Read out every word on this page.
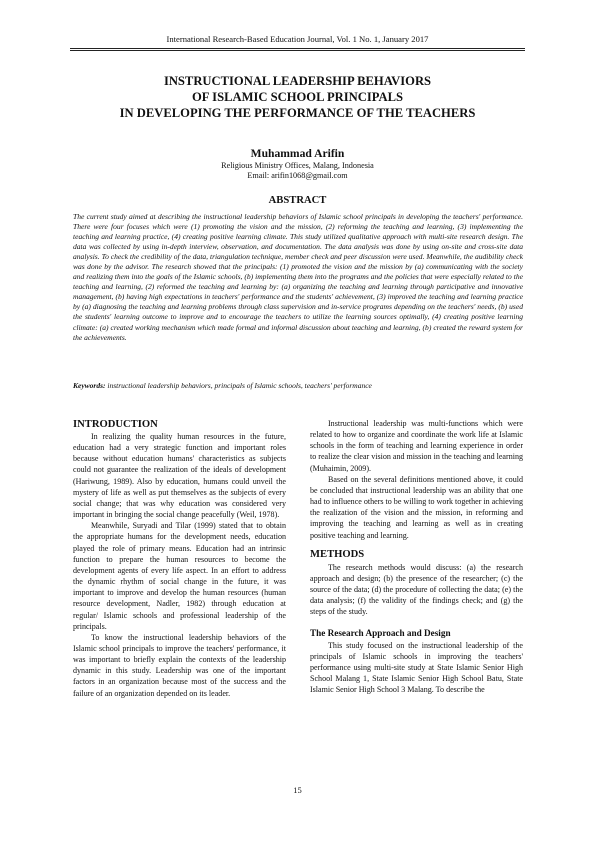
International Research-Based Education Journal, Vol. 1 No. 1, January 2017
INSTRUCTIONAL LEADERSHIP BEHAVIORS
OF ISLAMIC SCHOOL PRINCIPALS
IN DEVELOPING THE PERFORMANCE OF THE TEACHERS
Muhammad Arifin
Religious Ministry Offices, Malang, Indonesia
Email: arifin1068@gmail.com
ABSTRACT

The current study aimed at describing the instructional leadership behaviors of Islamic school principals in developing the teachers' performance. There were four focuses which were (1) promoting the vision and the mission, (2) reforming the teaching and learning, (3) implementing the teaching and learning practice, (4) creating positive learning climate. This study utilized qualitative approach with multi-site research design. The data was collected by using in-depth interview, observation, and documentation. The data analysis was done by using on-site and cross-site data analysis. To check the credibility of the data, triangulation technique, member check and peer discussion were used. Meanwhile, the audibility check was done by the advisor. The research showed that the principals: (1) promoted the vision and the mission by (a) communicating with the society and realizing them into the goals of the Islamic schools, (b) implementing them into the programs and the policies that were especially related to the teaching and learning, (2) reformed the teaching and learning by: (a) organizing the teaching and learning through participative and innovative management, (b) having high expectations in teachers' performance and the students' achievement, (3) improved the teaching and learning practice by (a) diagnosing the teaching and learning problems through class supervision and in-service programs depending on the teachers' needs, (b) used the students' learning outcome to improve and to encourage the teachers to utilize the learning sources optimally, (4) creating positive learning climate: (a) created working mechanism which made formal and informal discussion about teaching and learning, (b) created the reward system for the achievements.

Keywords: instructional leadership behaviors, principals of Islamic schools, teachers' performance
INTRODUCTION

In realizing the quality human resources in the future, education had a very strategic function and important roles because without education humans' characteristics as subjects could not guarantee the realization of the ideals of development (Hariwung, 1989). Also by education, humans could unveil the mystery of life as well as put themselves as the subjects of every social change; that was why education was considered very important in bringing the social change peacefully (Weil, 1978).

Meanwhile, Suryadi and Tilar (1999) stated that to obtain the appropriate humans for the development needs, education played the role of primary means. Education had an intrinsic function to prepare the human resources to become the development agents of every life aspect. In an effort to address the dynamic rhythm of social change in the future, it was important to improve and develop the human resources (human resource development, Nadler, 1982) through education at regular/ Islamic schools and professional leadership of the principals.

To know the instructional leadership behaviors of the Islamic school principals to improve the teachers' performance, it was important to briefly explain the contexts of the leadership dynamic in this study. Leadership was one of the important factors in an organization because most of the success and the failure of an organization depended on its leader.

Instructional leadership was multi-functions which were related to how to organize and coordinate the work life at Islamic schools in the form of teaching and learning experience in order to realize the clear vision and mission in the teaching and learning (Muhaimin, 2009).

Based on the several definitions mentioned above, it could be concluded that instructional leadership was an ability that one had to influence others to be willing to work together in achieving the realization of the vision and the mission, in reforming and improving the teaching and learning as well as in creating positive teaching and learning.

METHODS

The research methods would discuss: (a) the research approach and design; (b) the presence of the researcher; (c) the source of the data; (d) the procedure of collecting the data; (e) the data analysis; (f) the validity of the findings check; and (g) the steps of the study.

The Research Approach and Design

This study focused on the instructional leadership of the principals of Islamic schools in improving the teachers' performance using multi-site study at State Islamic Senior High School Malang 1, State Islamic Senior High School Batu, State Islamic Senior High School 3 Malang. To describe the

15
